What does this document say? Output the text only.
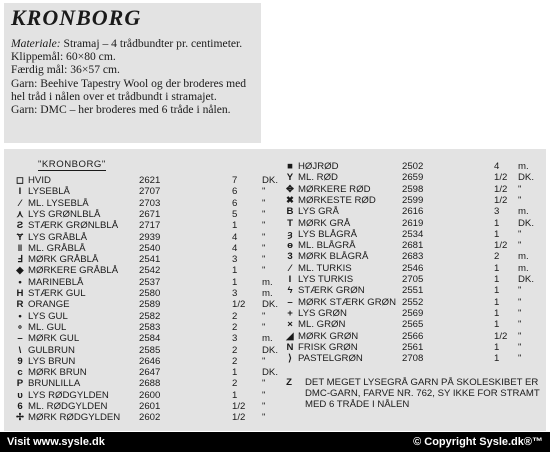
KRONBORG

Materiale: Stramaj – 4 trådbundter pr. centimeter. Klippemål: 60×80 cm.

Færdig mål: 36×57 cm.

Garn: Beehive Tapestry Wool og der broderes med hel tråd i nålen over et trådbundt i stramajet.

Garn: DMC – her broderes med 6 tråde i nålen.

"KRONBORG"
Z	DET MEGET LYSEGRÅ GARN PÅ SKOLESKIBET ER DMC-GARN, FARVE NR. 762, SY IKKE FOR STRAMT MED 6 TRÅDE I NÅLEN
◻ HVID	2621	7	DK.
Ι LYSEBLÅ	2707	6	"
⁄ ML. LYSEBLÅ	2703	6	"
⋏ LYS GRØNLBLÅ	2671	5	"
Ƨ STÆRK GRØNLBLÅ 2717	1	"
Ɏ LYS GRÅBLÅ	2939	4	"
ǁ ML. GRÅBLÅ	2540	4	"
Ⅎ MØRK GRÅBLÅ	2541	3	"
◆ MØRKERE GRÅBLÅ 2542	1	"
• MARINEBLÅ	2537	1	m.
H STÆRK GUL	2580	3	m.
R ORANGE	2589	1/2 DK.
• LYS GUL	2582	2	"
∘ ML. GUL	2583	2	"
– MØRK GUL	2584	3	m.
\ GULBRUN	2585	2	DK.
9 LYS BRUN	2646	2	"
c MØRK BRUN	2647	1	DK.
P BRUNLILLA	2688	2	"
υ LYS RØDGYLDEN	2600	1	"
6 ML. RØDGYLDEN	2601	1/2 "
✢ MØRK RØDGYLDEN 2602	1/2 "
■ HØJRØD	2502	4 m.
Y ML. RØD	2659	1/2 DK.
✥ MØRKERE RØD	2598	1/2 "
✖ MØRKESTE RØD	2599	1/2 "
B LYS GRÅ	2616	3 m.
T MØRK GRÅ	2619	1 DK.
ȝ LYS BLÅGRÅ	2534	1 "
ɵ ML. BLÅGRÅ	2681	1/2 "
3 MØRK BLÅGRÅ	2683	2 m.
⁄ ML. TURKIS	2546	1 m.
Ι LYS TURKIS	2705	1 DK.
ϟ STÆRK GRØN	2551	1 "
– MØRK STÆRK GRØN 2552	1 "
+ LYS GRØN	2569	1 "
× ML. GRØN	2565	1 "
◢ MØRK GRØN	2566	1/2 "
N FRISK GRØN	2561	1 "
⟩ PASTELGRØN	2708	1 "
Visit www.sysle.dk	© Copyright Sysle.dk®™
